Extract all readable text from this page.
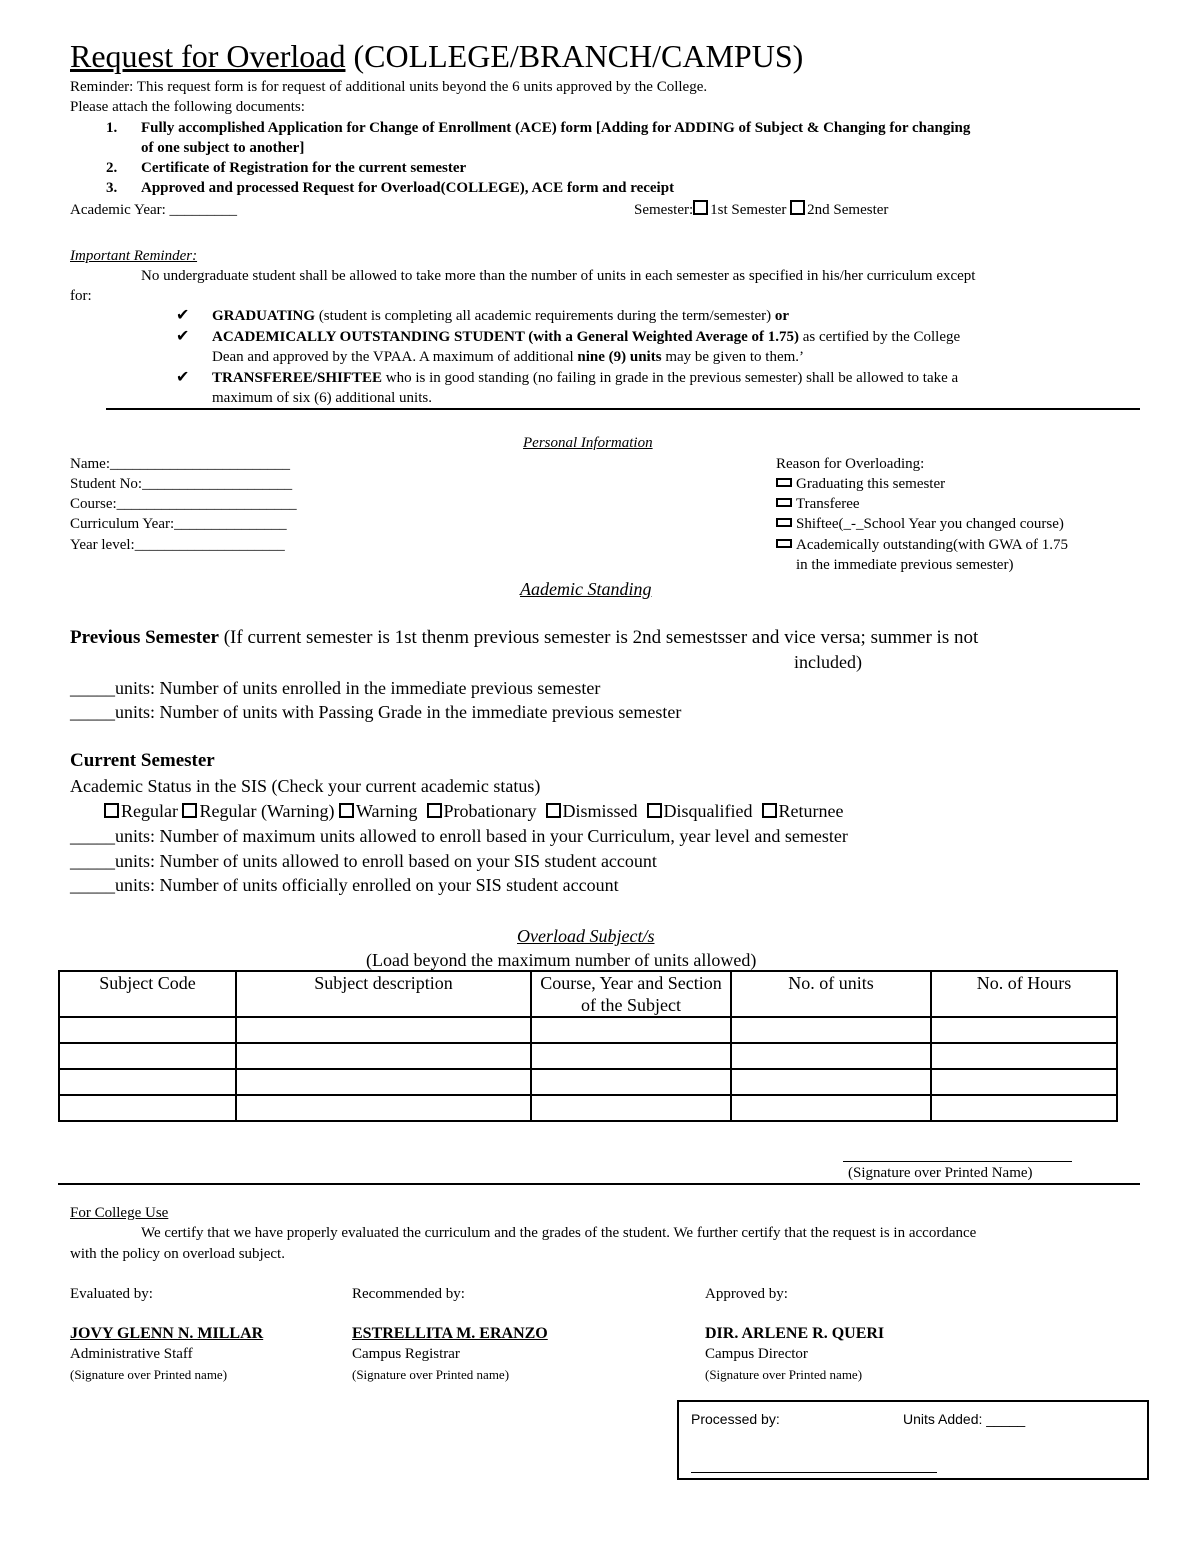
Request for Overload (COLLEGE/BRANCH/CAMPUS)
Reminder: This request form is for request of additional units beyond the 6 units approved by the College.
Please attach the following documents:
1. Fully accomplished Application for Change of Enrollment (ACE) form [Adding for ADDING of Subject & Changing for changing
of one subject to another]
2. Certificate of Registration for the current semester
3. Approved and processed Request for Overload(COLLEGE), ACE form and receipt
Academic Year: _________	Semester: 1st Semester 2nd Semester
Important Reminder:
No undergraduate student shall be allowed to take more than the number of units in each semester as specified in his/her curriculum except
for:
✔ GRADUATING (student is completing all academic requirements during the term/semester) or
✔ ACADEMICALLY OUTSTANDING STUDENT (with a General Weighted Average of 1.75) as certified by the College
Dean and approved by the VPAA. A maximum of additional nine (9) units may be given to them.’
✔ TRANSFEREE/SHIFTEE who is in good standing (no failing in grade in the previous semester) shall be allowed to take a
maximum of six (6) additional units.
Personal Information
Name:________________________
Student No:____________________
Course:________________________
Curriculum Year:_______________
Year level:____________________
Reason for Overloading:
Graduating this semester
Transferee
Shiftee(_-_School Year you changed course)
Academically outstanding(with GWA of 1.75
in the immediate previous semester)
Aademic Standing
Previous Semester (If current semester is 1st thenm previous semester is 2nd semestsser and vice versa; summer is not
included)
_____units: Number of units enrolled in the immediate previous semester
_____units: Number of units with Passing Grade in the immediate previous semester
Current Semester
Academic Status in the SIS (Check your current academic status)
Regular Regular (Warning) Warning Probationary Dismissed Disqualified Returnee
_____units: Number of maximum units allowed to enroll based in your Curriculum, year level and semester
_____units: Number of units allowed to enroll based on your SIS student account
_____units: Number of units officially enrolled on your SIS student account
Overload Subject/s
(Load beyond the maximum number of units allowed)
Subject Code	Subject description	Course, Year and Section of the Subject	No. of units	No. of Hours

(Signature over Printed Name)
For College Use
We certify that we have properly evaluated the curriculum and the grades of the student. We further certify that the request is in accordance
with the policy on overload subject.
Evaluated by:
JOVY GLENN N. MILLAR
Administrative Staff
(Signature over Printed name)
Recommended by:
ESTRELLITA M. ERANZO
Campus Registrar
(Signature over Printed name)
Approved by:
DIR. ARLENE R. QUERI
Campus Director
(Signature over Printed name)
Processed by:	Units Added: _____
